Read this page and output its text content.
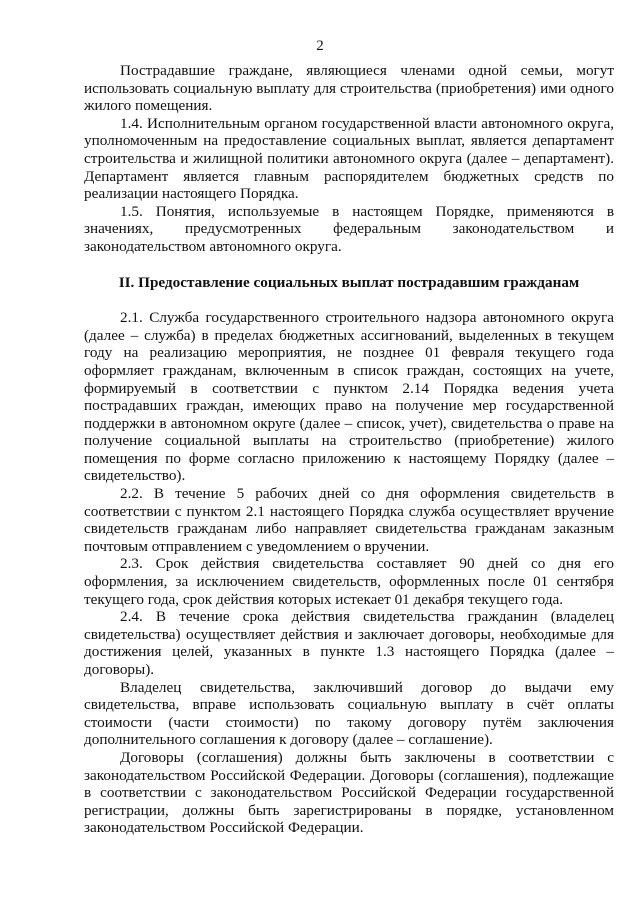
2

Пострадавшие граждане, являющиеся членами одной семьи, могут использовать социальную выплату для строительства (приобретения) ими одного жилого помещения.

1.4. Исполнительным органом государственной власти автономного округа, уполномоченным на предоставление социальных выплат, является департамент строительства и жилищной политики автономного округа (далее – департамент). Департамент является главным распорядителем бюджетных средств по реализации настоящего Порядка.

1.5. Понятия, используемые в настоящем Порядке, применяются в значениях, предусмотренных федеральным законодательством и законодательством автономного округа.

II. Предоставление социальных выплат пострадавшим гражданам

2.1. Служба государственного строительного надзора автономного округа (далее – служба) в пределах бюджетных ассигнований, выделенных в текущем году на реализацию мероприятия, не позднее 01 февраля текущего года оформляет гражданам, включенным в список граждан, состоящих на учете, формируемый в соответствии с пунктом 2.14 Порядка ведения учета пострадавших граждан, имеющих право на получение мер государственной поддержки в автономном округе (далее – список, учет), свидетельства о праве на получение социальной выплаты на строительство (приобретение) жилого помещения по форме согласно приложению к настоящему Порядку (далее – свидетельство).

2.2. В течение 5 рабочих дней со дня оформления свидетельств в соответствии с пунктом 2.1 настоящего Порядка служба осуществляет вручение свидетельств гражданам либо направляет свидетельства гражданам заказным почтовым отправлением с уведомлением о вручении.

2.3. Срок действия свидетельства составляет 90 дней со дня его оформления, за исключением свидетельств, оформленных после 01 сентября текущего года, срок действия которых истекает 01 декабря текущего года.

2.4. В течение срока действия свидетельства гражданин (владелец свидетельства) осуществляет действия и заключает договоры, необходимые для достижения целей, указанных в пункте 1.3 настоящего Порядка (далее – договоры).

Владелец свидетельства, заключивший договор до выдачи ему свидетельства, вправе использовать социальную выплату в счёт оплаты стоимости (части стоимости) по такому договору путём заключения дополнительного соглашения к договору (далее – соглашение).

Договоры (соглашения) должны быть заключены в соответствии с законодательством Российской Федерации. Договоры (соглашения), подлежащие в соответствии с законодательством Российской Федерации государственной регистрации, должны быть зарегистрированы в порядке, установленном законодательством Российской Федерации.
